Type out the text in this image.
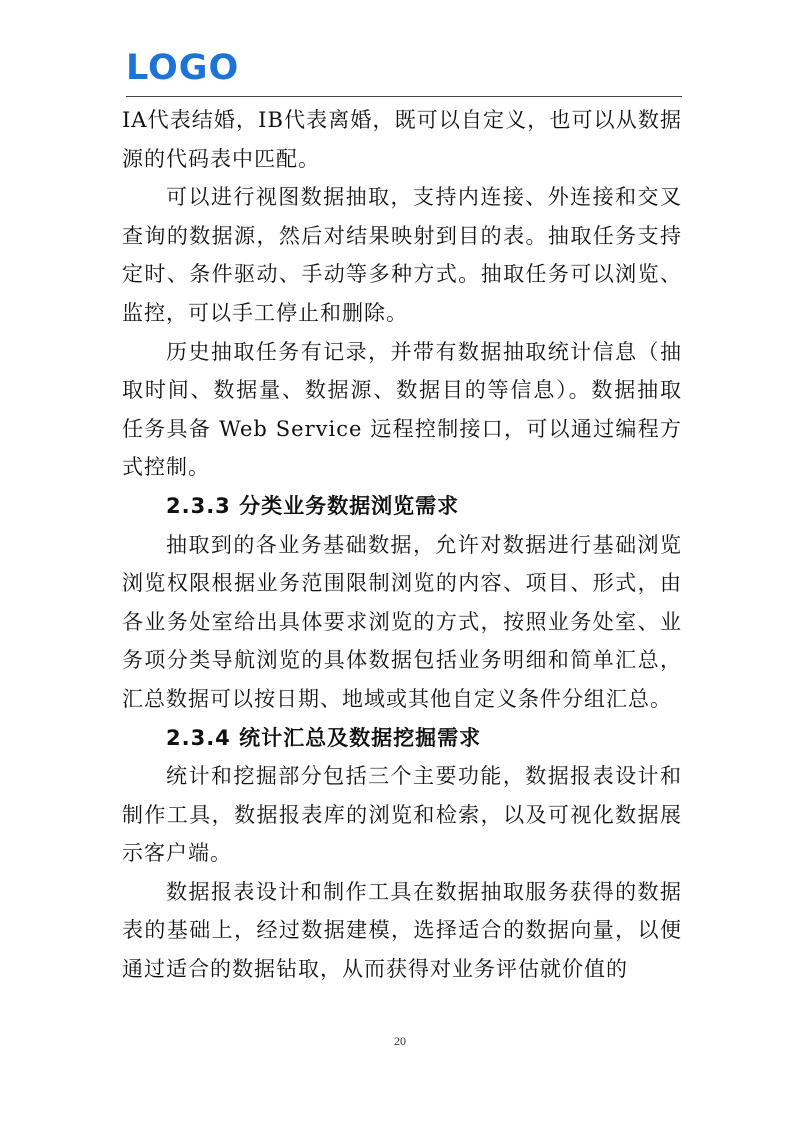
LOGO

IA代表结婚，IB代表离婚，既可以自定义，也可以从数据源的代码表中匹配。

可以进行视图数据抽取，支持内连接、外连接和交叉查询的数据源，然后对结果映射到目的表。抽取任务支持定时、条件驱动、手动等多种方式。抽取任务可以浏览、监控，可以手工停止和删除。

历史抽取任务有记录，并带有数据抽取统计信息（抽取时间、数据量、数据源、数据目的等信息）。数据抽取任务具备 Web Service 远程控制接口，可以通过编程方式控制。

2.3.3 分类业务数据浏览需求

抽取到的各业务基础数据，允许对数据进行基础浏览浏览权限根据业务范围限制浏览的内容、项目、形式，由各业务处室给出具体要求浏览的方式，按照业务处室、业务项分类导航浏览的具体数据包括业务明细和简单汇总，汇总数据可以按日期、地域或其他自定义条件分组汇总。

2.3.4 统计汇总及数据挖掘需求

统计和挖掘部分包括三个主要功能，数据报表设计和制作工具，数据报表库的浏览和检索，以及可视化数据展示客户端。

数据报表设计和制作工具在数据抽取服务获得的数据表的基础上，经过数据建模，选择适合的数据向量，以便通过适合的数据钻取，从而获得对业务评估就价值的

20
